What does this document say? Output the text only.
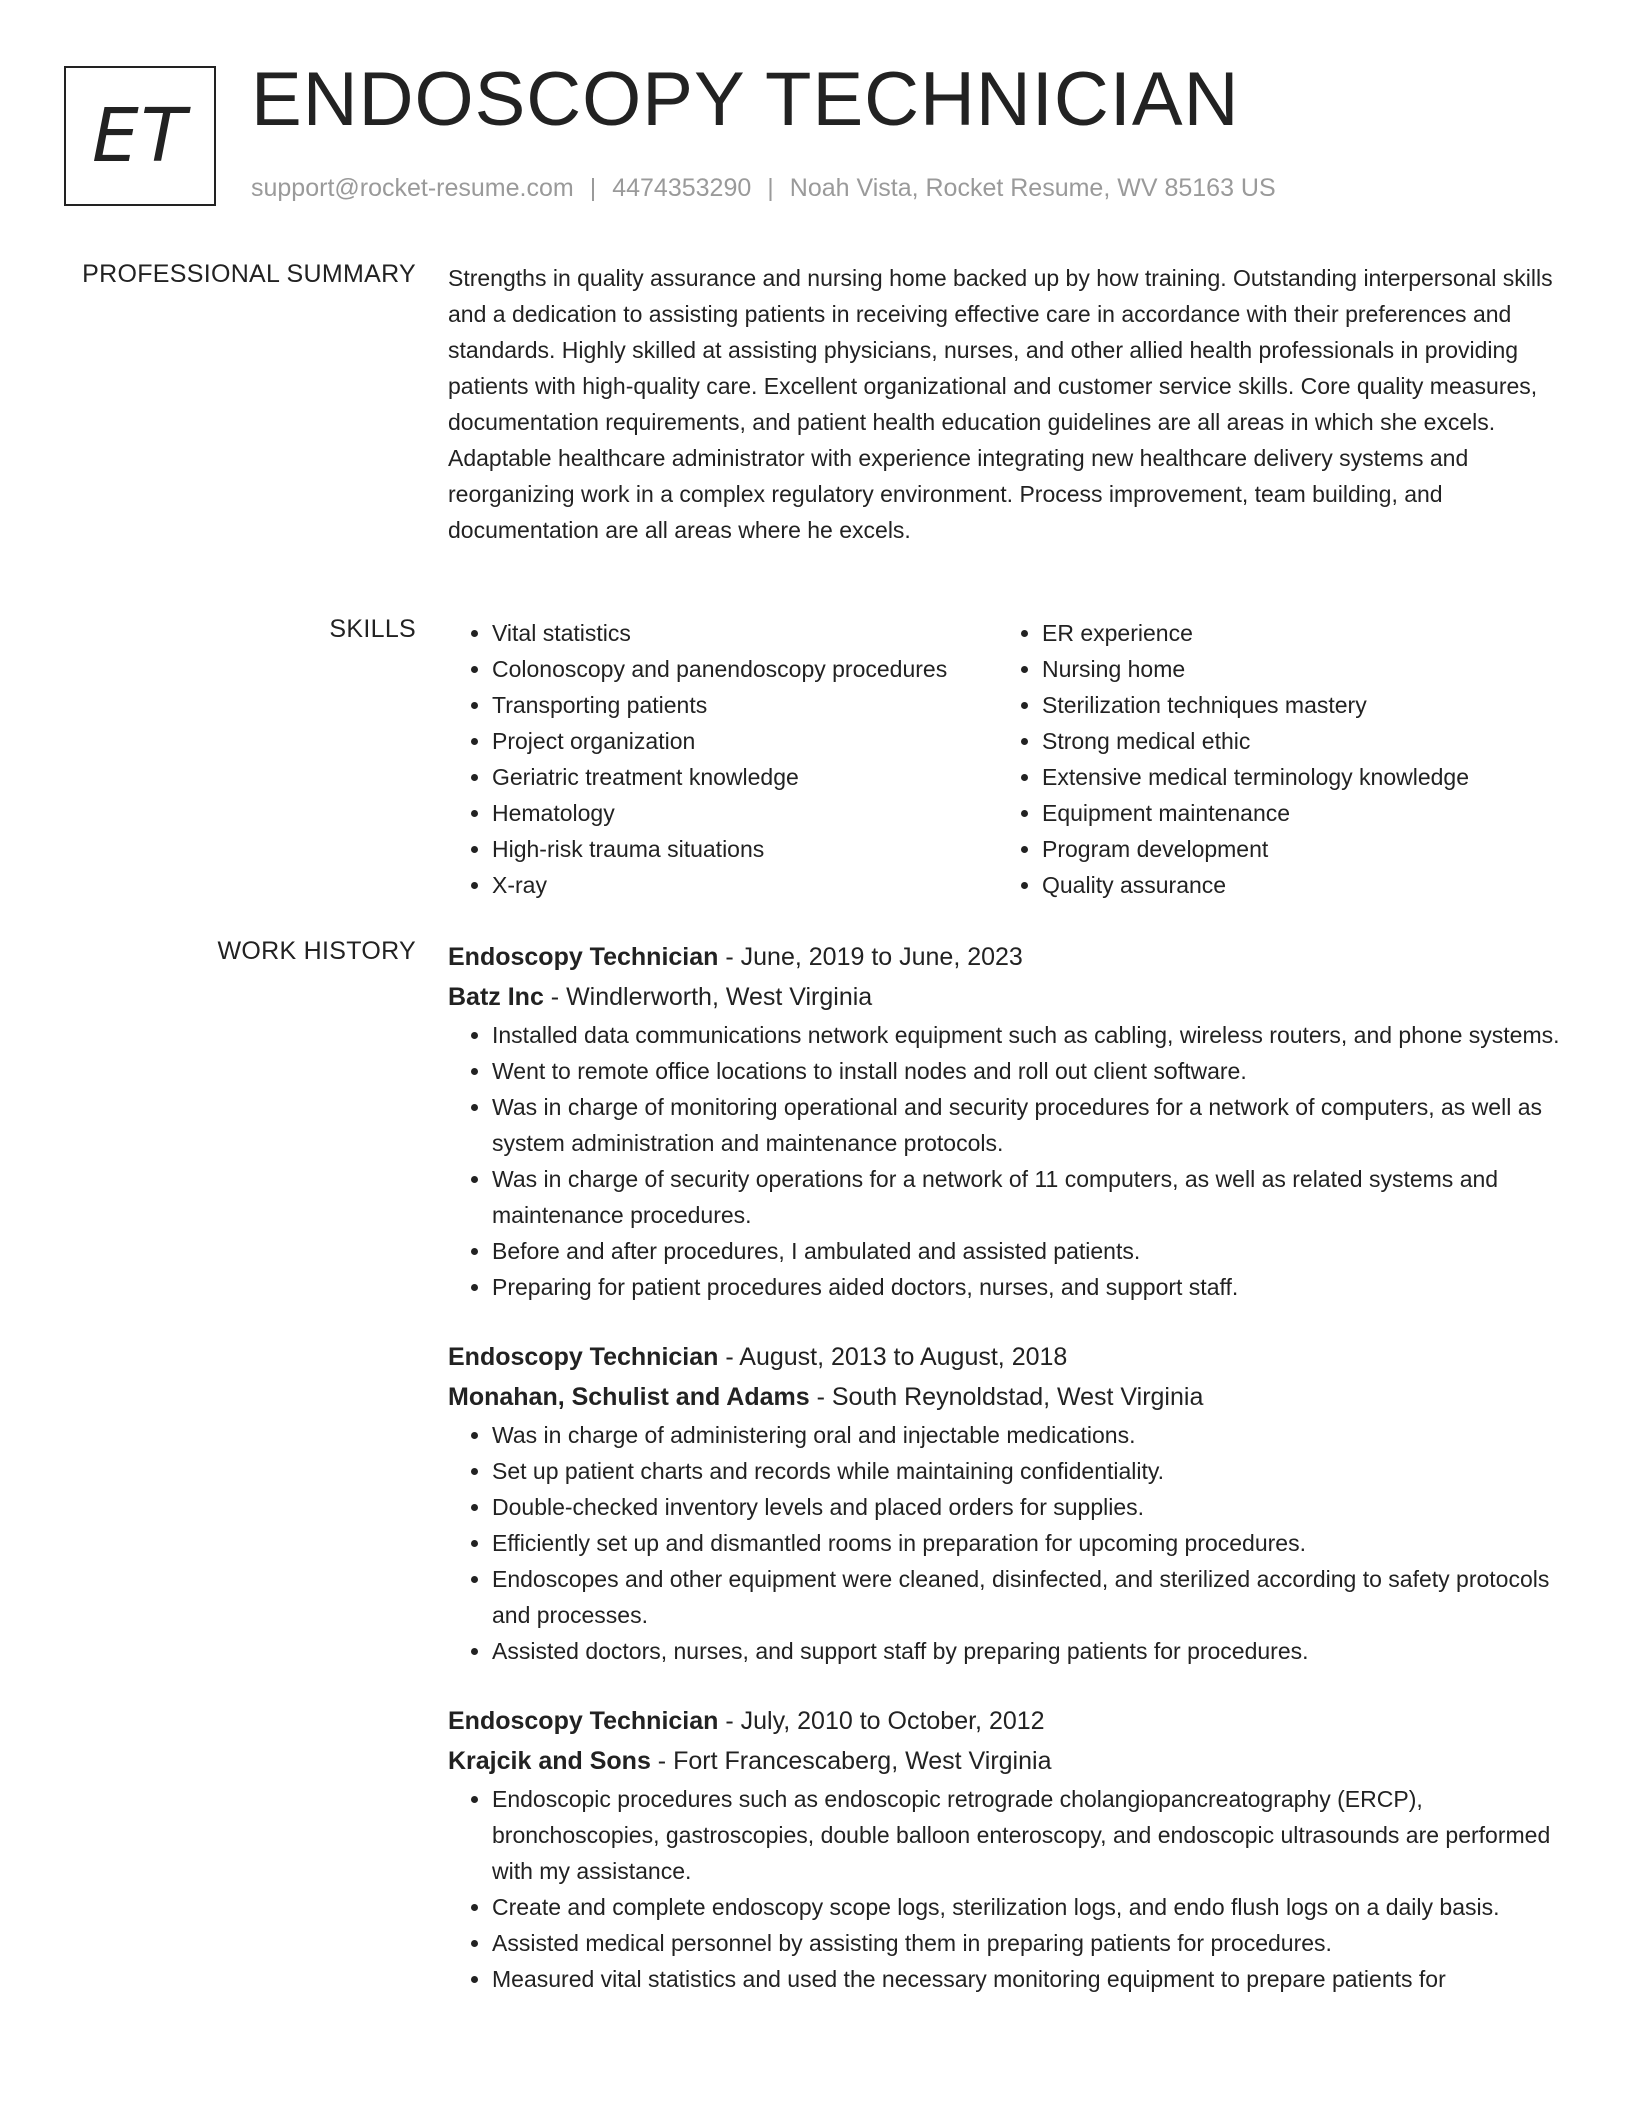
ET ENDOSCOPY TECHNICIAN
support@rocket-resume.com | 4474353290 | Noah Vista, Rocket Resume, WV 85163 US
PROFESSIONAL SUMMARY Strengths in quality assurance and nursing home backed up by how training. Outstanding interpersonal skills and a dedication to assisting patients in receiving effective care in accordance with their preferences and standards. Highly skilled at assisting physicians, nurses, and other allied health professionals in providing patients with high-quality care. Excellent organizational and customer service skills. Core quality measures, documentation requirements, and patient health education guidelines are all areas in which she excels. Adaptable healthcare administrator with experience integrating new healthcare delivery systems and reorganizing work in a complex regulatory environment. Process improvement, team building, and documentation are all areas where he excels.
SKILLS
•	Vital statistics
• Colonoscopy and panendoscopy procedures
• Transporting patients
• Project organization
• Geriatric treatment knowledge
• Hematology
• High-risk trauma situations
• X-ray
• ER experience
• Nursing home
• Sterilization techniques mastery
• Strong medical ethic
• Extensive medical terminology knowledge
• Equipment maintenance
• Program development
• Quality assurance
WORK HISTORY Endoscopy Technician - June, 2019 to June, 2023
Batz Inc - Windlerworth, West Virginia
• Installed data communications network equipment such as cabling, wireless routers, and phone systems.
• Went to remote office locations to install nodes and roll out client software.
• Was in charge of monitoring operational and security procedures for a network of computers, as well as system administration and maintenance protocols.
• Was in charge of security operations for a network of 11 computers, as well as related systems and maintenance procedures.
• Before and after procedures, I ambulated and assisted patients.
• Preparing for patient procedures aided doctors, nurses, and support staff.
Endoscopy Technician - August, 2013 to August, 2018
Monahan, Schulist and Adams - South Reynoldstad, West Virginia
• Was in charge of administering oral and injectable medications.
• Set up patient charts and records while maintaining confidentiality.
• Double-checked inventory levels and placed orders for supplies.
• Efficiently set up and dismantled rooms in preparation for upcoming procedures.
• Endoscopes and other equipment were cleaned, disinfected, and sterilized according to safety protocols and processes.
• Assisted doctors, nurses, and support staff by preparing patients for procedures.
Endoscopy Technician - July, 2010 to October, 2012
Krajcik and Sons - Fort Francescaberg, West Virginia
• Endoscopic procedures such as endoscopic retrograde cholangiopancreatography (ERCP), bronchoscopies, gastroscopies, double balloon enteroscopy, and endoscopic ultrasounds are performed with my assistance.
• Create and complete endoscopy scope logs, sterilization logs, and endo flush logs on a daily basis.
• Assisted medical personnel by assisting them in preparing patients for procedures.
• Measured vital statistics and used the necessary monitoring equipment to prepare patients for
